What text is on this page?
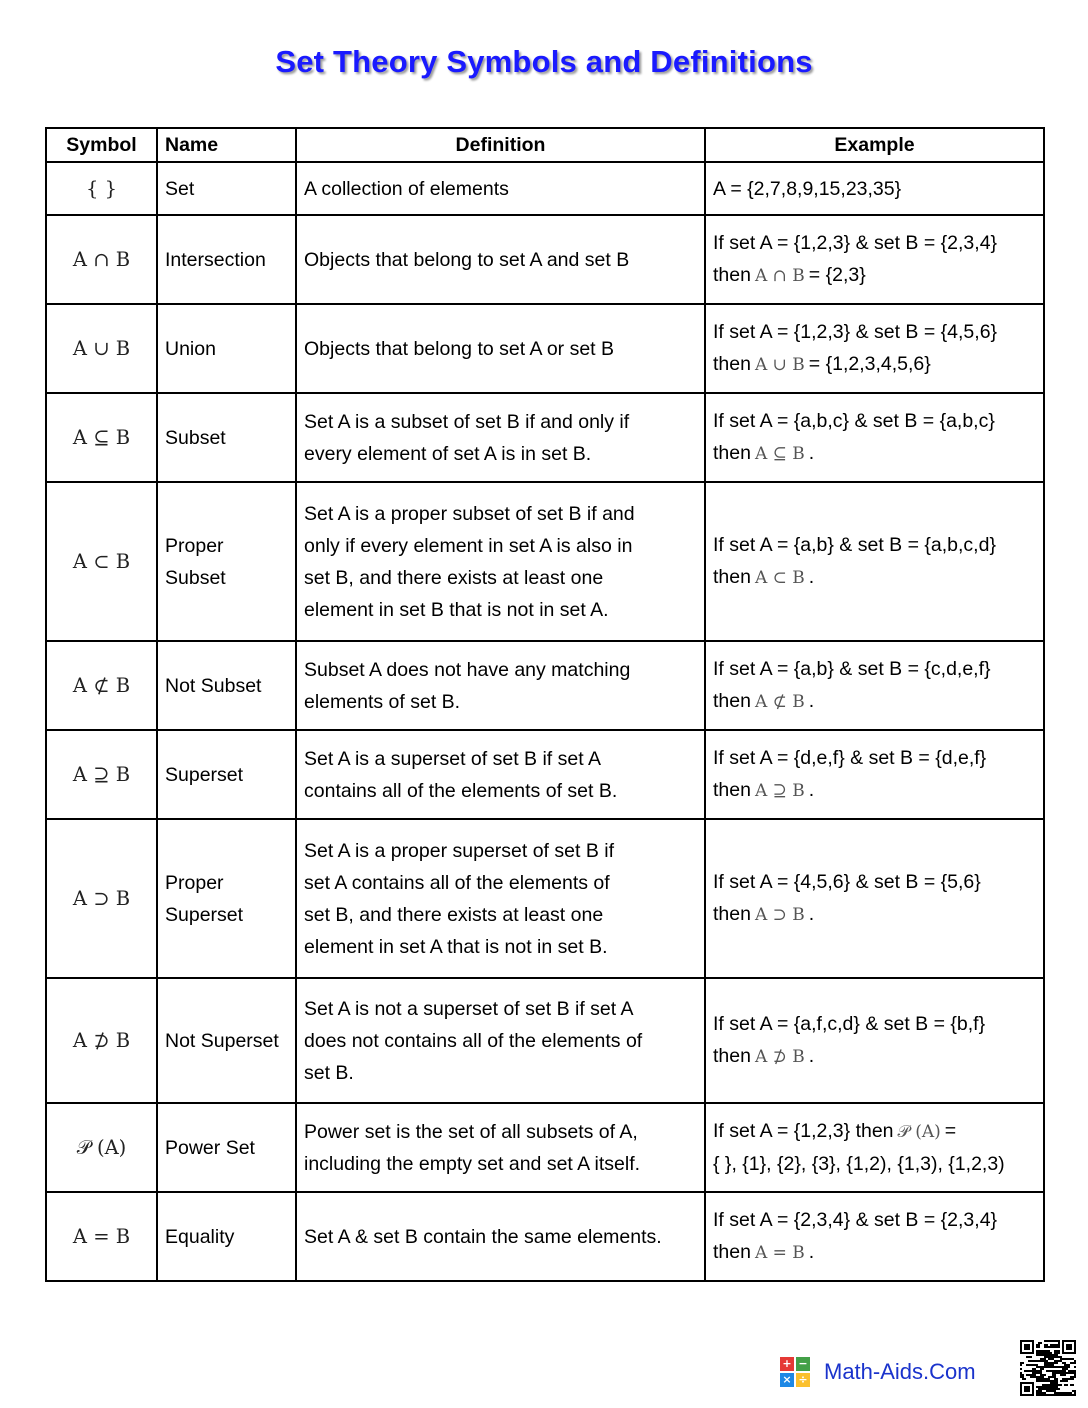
Set Theory Symbols and Definitions
Symbol	Name	Definition	Example
{ }	Set	A collection of elements	A = {2,7,8,9,15,23,35}

A ∩ B	Intersection	Objects that belong to set A and set B	If set A = {1,2,3} & set B = {2,3,4}
then A ∩ B = {2,3}

A ∪ B	Union	Objects that belong to set A or set B	If set A = {1,2,3} & set B = {4,5,6}
then A ∪ B = {1,2,3,4,5,6}

A ⊆ B	Subset	Set A is a subset of set B if and only if
every element of set A is in set B.	If set A = {a,b,c} & set B = {a,b,c}
then A ⊆ B .

A ⊂ B	Proper
Subset	Set A is a proper subset of set B if and
only if every element in set A is also in
set B, and there exists at least one
element in set B that is not in set A.	If set A = {a,b} & set B = {a,b,c,d}
then A ⊂ B .

A ⊄ B	Not Subset	Subset A does not have any matching
elements of set B.	If set A = {a,b} & set B = {c,d,e,f}
then A ⊄ B .

A ⊇ B	Superset	Set A is a superset of set B if set A
contains all of the elements of set B.	If set A = {d,e,f} & set B = {d,e,f}
then A ⊇ B .

A ⊃ B	Proper
Superset	Set A is a proper superset of set B if
set A contains all of the elements of
set B, and there exists at least one
element in set A that is not in set B.	If set A = {4,5,6} & set B = {5,6}
then A ⊃ B .

A ⊅ B	Not Superset	Set A is not a superset of set B if set A
does not contains all of the elements of
set B.	If set A = {a,f,c,d} & set B = {b,f}
then A ⊅ B .

𝒫 (A)	Power Set	Power set is the set of all subsets of A,
including the empty set and set A itself.	If set A = {1,2,3} then 𝒫 (A) =
{ }, {1}, {2}, {3}, {1,2), {1,3), {1,2,3)

A = B	Equality	Set A & set B contain the same elements.	If set A = {2,3,4} & set B = {2,3,4}
then A = B .
+ −
× ÷ Math-Aids.Com
